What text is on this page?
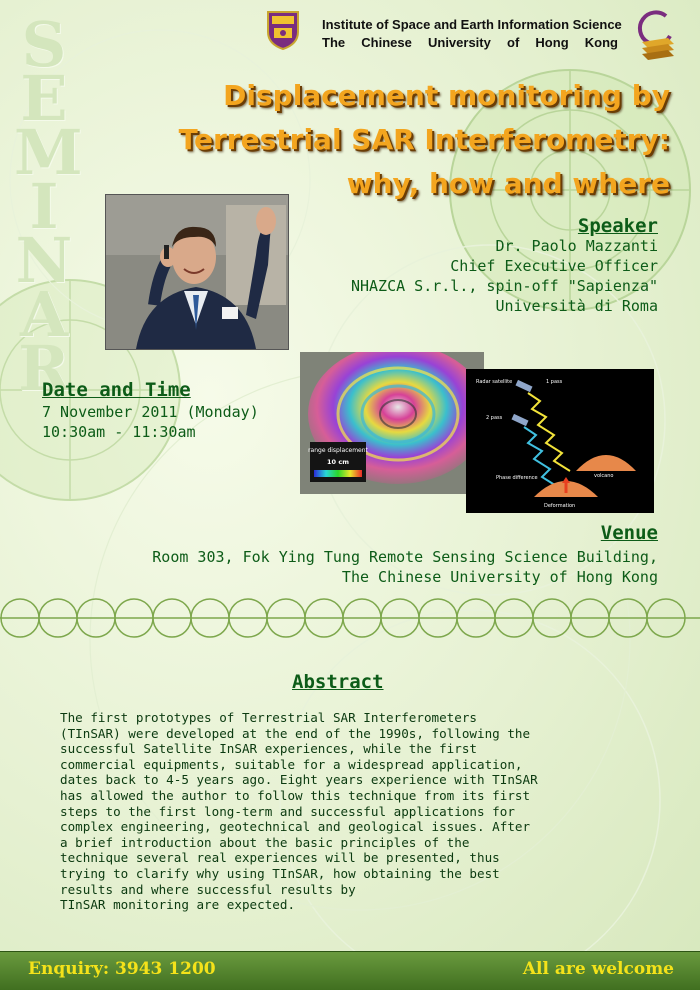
SEMINAR
Institute of Space and Earth Information Science
The Chinese University of Hong Kong
Displacement monitoring by
Terrestrial SAR Interferometry:
why, how and where
Speaker
Dr. Paolo Mazzanti
Chief Executive Officer
NHAZCA S.r.l., spin-off "Sapienza"
Università di Roma
Date and Time
7 November 2011 (Monday)
10:30am - 11:30am
range displacement
10 cm
Radar satellite	1 pass
2 pass
volcano
Phase difference
Deformation
Venue
Room 303, Fok Ying Tung Remote Sensing Science Building,
The Chinese University of Hong Kong
Abstract
The first prototypes of Terrestrial SAR Interferometers
(TInSAR) were developed at the end of the 1990s, following the
successful Satellite InSAR experiences, while the first
commercial equipments, suitable for a widespread application,
dates back to 4-5 years ago. Eight years experience with TInSAR
has allowed the author to follow this technique from its first
steps to the first long-term and successful applications for
complex engineering, geotechnical and geological issues. After
a brief introduction about the basic principles of the
technique several real experiences will be presented, thus
trying to clarify why using TInSAR, how obtaining the best
results and where successful results by
TInSAR monitoring are expected.
Enquiry: 3943 1200	All are welcome
